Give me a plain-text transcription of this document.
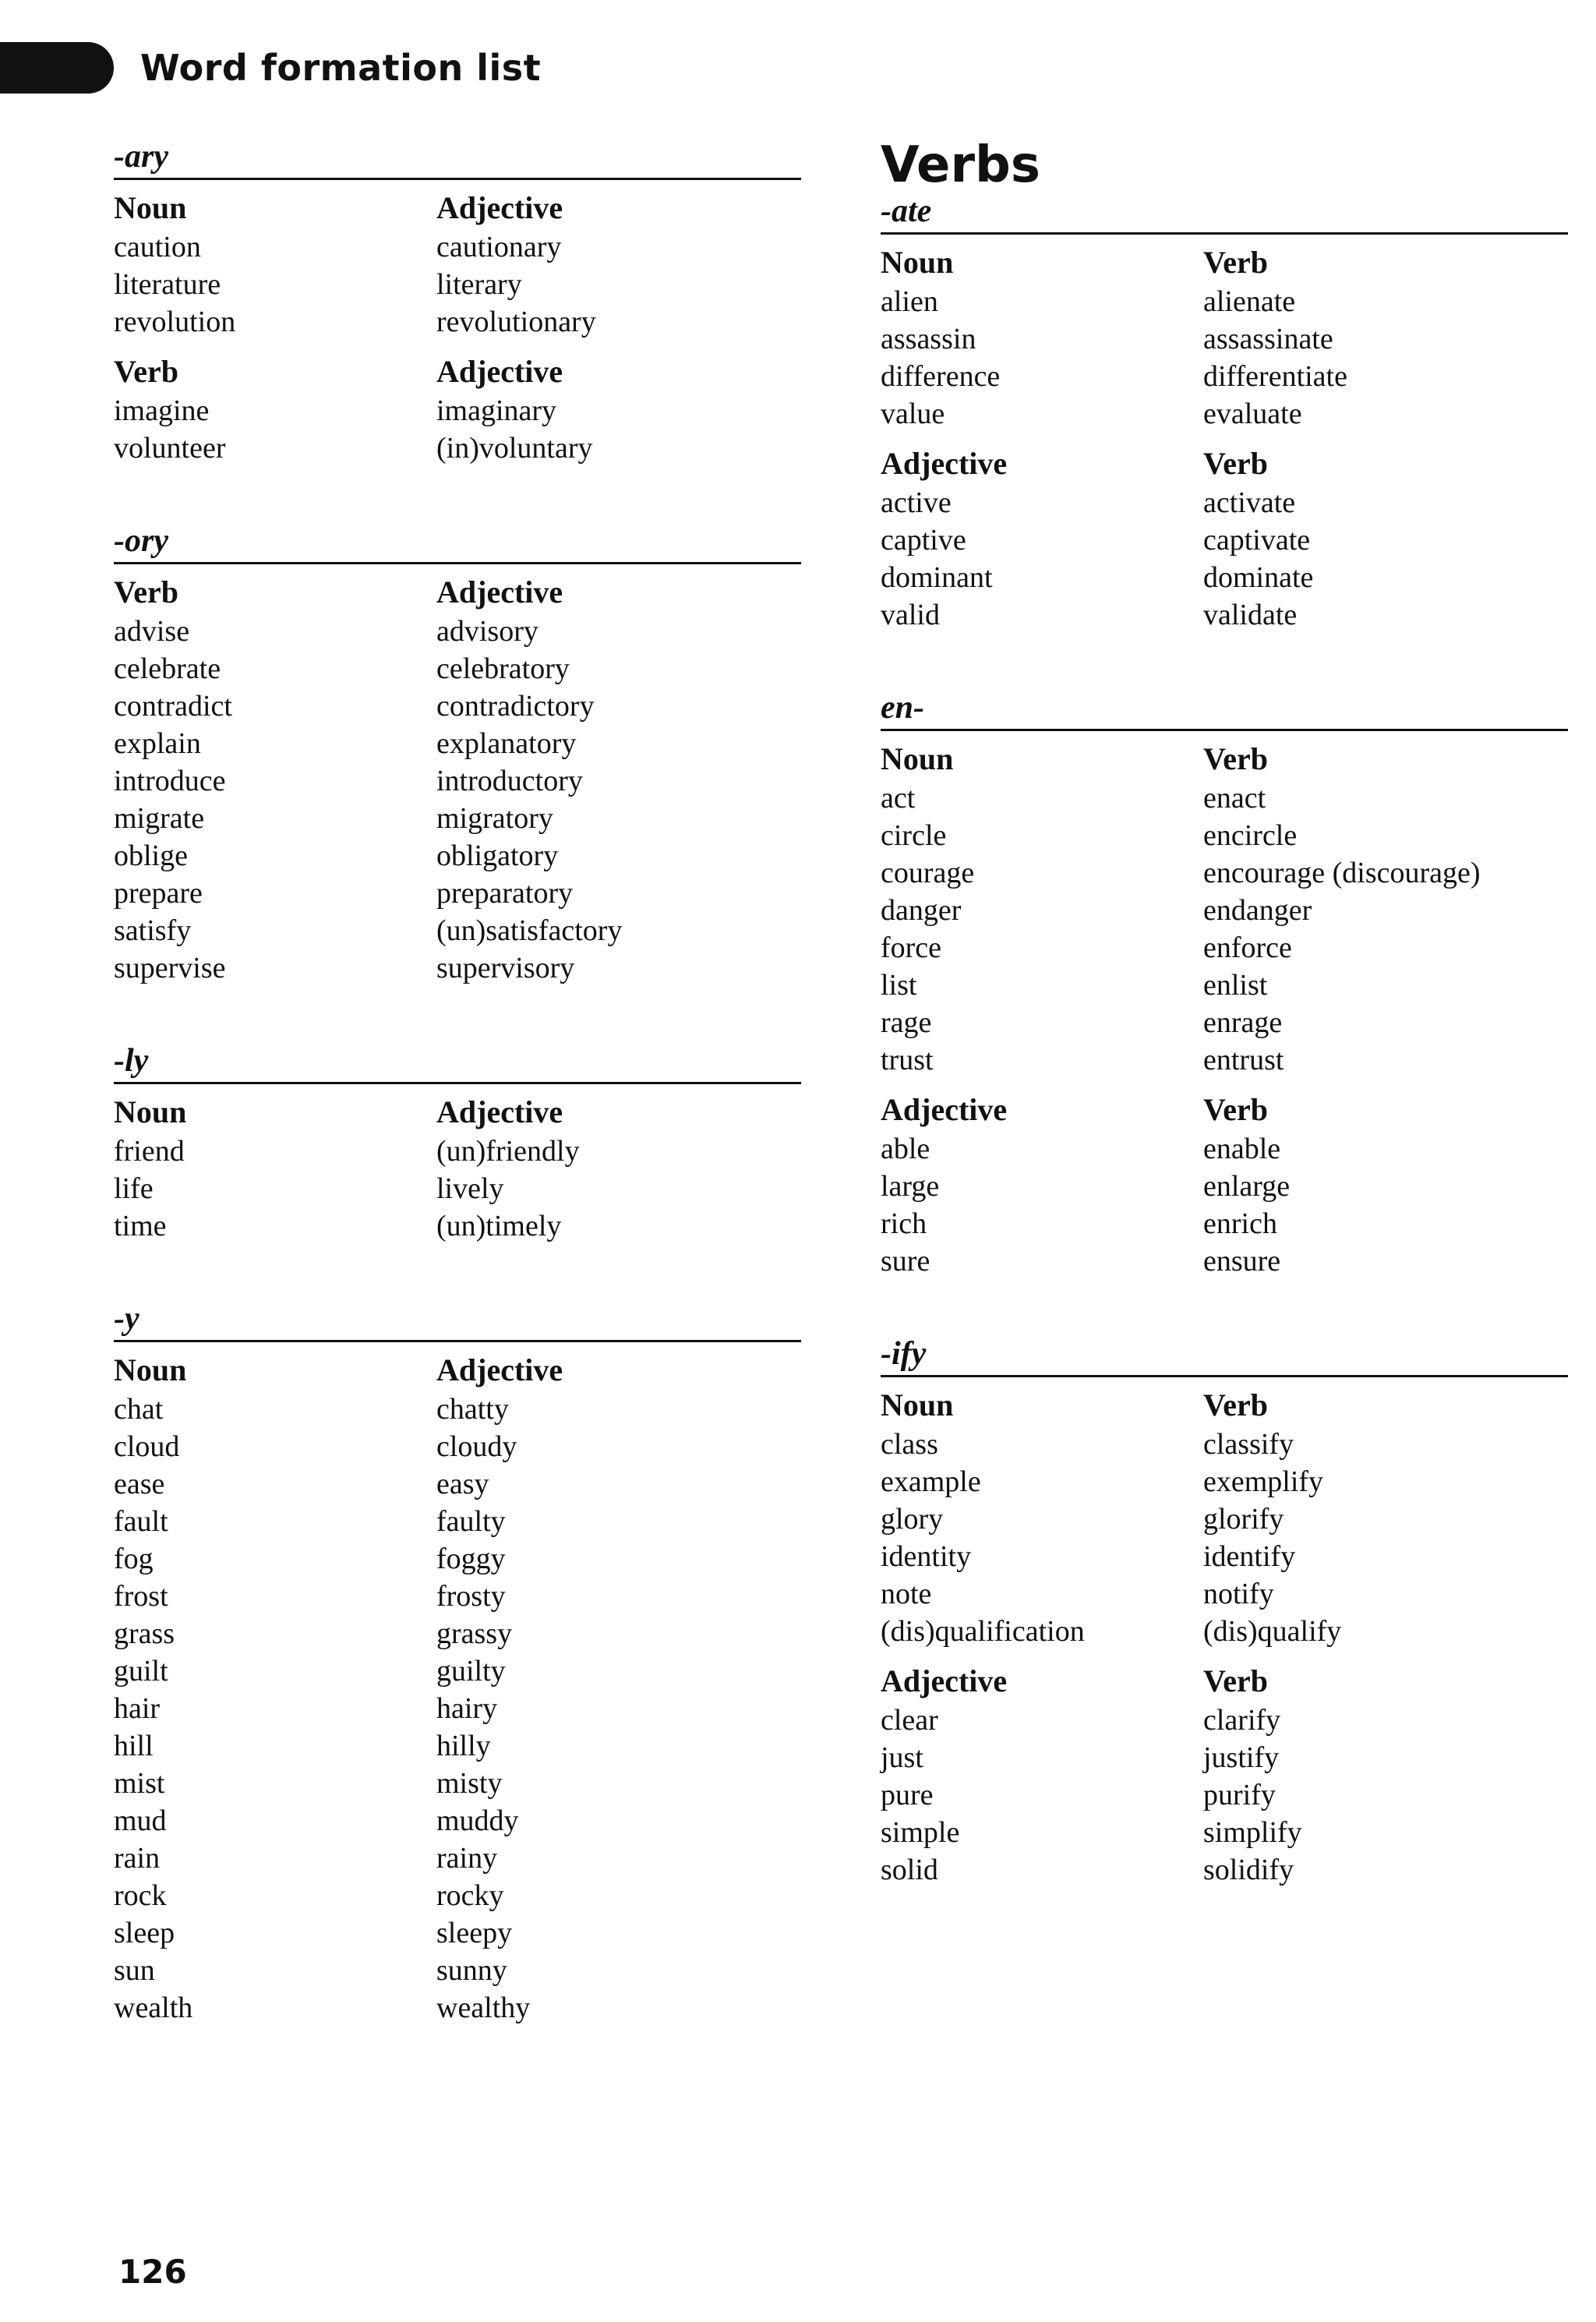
Word formation list
-ary
Noun	Adjective
caution	cautionary
literature	literary
revolution	revolutionary
Verb	Adjective
imagine	imaginary
volunteer	(in)voluntary
-ory
Verb	Adjective
advise	advisory
celebrate	celebratory
contradict	contradictory
explain	explanatory
introduce	introductory
migrate	migratory
oblige	obligatory
prepare	preparatory
satisfy	(un)satisfactory
supervise	supervisory
-ly
Noun	Adjective
friend	(un)friendly
life	lively
time	(un)timely
-y
Noun	Adjective
chat	chatty
cloud	cloudy
ease	easy
fault	faulty
fog	foggy
frost	frosty
grass	grassy
guilt	guilty
hair	hairy
hill	hilly
mist	misty
mud	muddy
rain	rainy
rock	rocky
sleep	sleepy
sun	sunny
wealth	wealthy
Verbs
-ate
Noun	Verb
alien	alienate
assassin	assassinate
difference	differentiate
value	evaluate
Adjective	Verb
active	activate
captive	captivate
dominant	dominate
valid	validate
en-
Noun	Verb
act	enact
circle	encircle
courage	encourage (discourage)
danger	endanger
force	enforce
list	enlist
rage	enrage
trust	entrust
Adjective	Verb
able	enable
large	enlarge
rich	enrich
sure	ensure
-ify
Noun	Verb
class	classify
example	exemplify
glory	glorify
identity	identify
note	notify
(dis)qualification	(dis)qualify
Adjective	Verb
clear	clarify
just	justify
pure	purify
simple	simplify
solid	solidify
126
